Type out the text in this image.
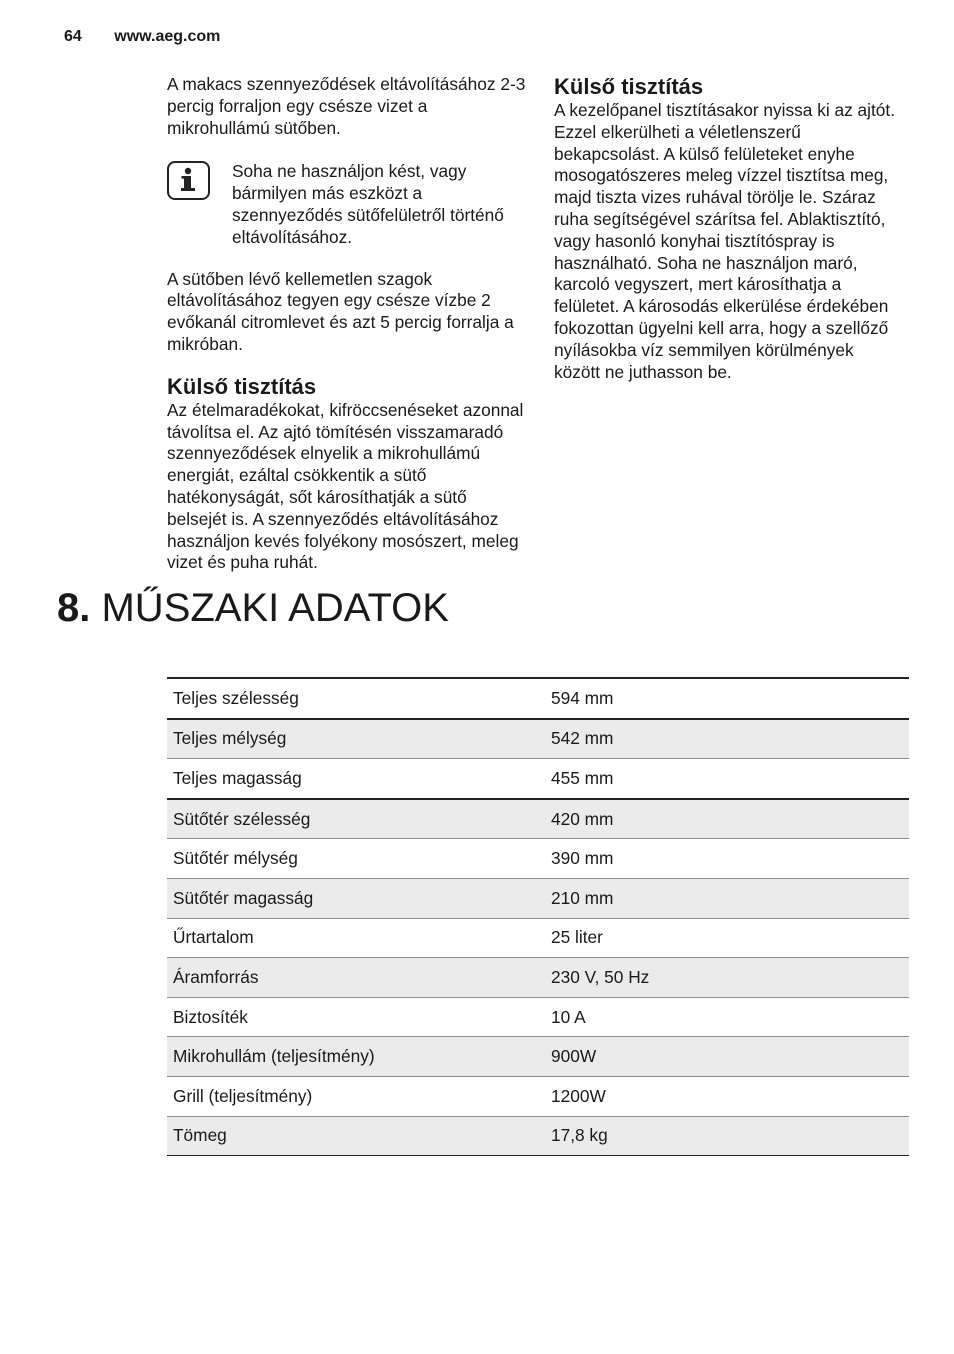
64 www.aeg.com

A makacs szennyeződések eltávolításához 2-3 percig forraljon egy csésze vizet a mikrohullámú sütőben.

Soha ne használjon kést, vagy bármilyen más eszközt a szennyeződés sütőfelületről történő eltávolításához.

A sütőben lévő kellemetlen szagok eltávolításához tegyen egy csésze vízbe 2 evőkanál citromlevet és azt 5 percig forralja a mikróban.

Külső tisztítás

Az ételmaradékokat, kifröccsenéseket azonnal távolítsa el. Az ajtó tömítésén visszamaradó szennyeződések elnyelik a mikrohullámú energiát, ezáltal csökkentik a sütő hatékonyságát, sőt károsíthatják a sütő belsejét is. A szennyeződés eltávolításához használjon kevés folyékony mosószert, meleg vizet és puha ruhát.

Külső tisztítás

A kezelőpanel tisztításakor nyissa ki az ajtót. Ezzel elkerülheti a véletlenszerű bekapcsolást. A külső felületeket enyhe mosogatószeres meleg vízzel tisztítsa meg, majd tiszta vizes ruhával törölje le. Száraz ruha segítségével szárítsa fel. Ablaktisztító, vagy hasonló konyhai tisztítóspray is használható. Soha ne használjon maró, karcoló vegyszert, mert károsíthatja a felületet. A károsodás elkerülése érdekében fokozottan ügyelni kell arra, hogy a szellőző nyílásokba víz semmilyen körülmények között ne juthasson be.

8. MŰSZAKI ADATOK
Teljes szélesség	594 mm
Teljes mélység	542 mm
Teljes magasság	455 mm
Sütőtér szélesség	420 mm
Sütőtér mélység	390 mm
Sütőtér magasság	210 mm
Űrtartalom	25 liter
Áramforrás	230 V, 50 Hz
Biztosíték	10 A
Mikrohullám (teljesítmény)	900W
Grill (teljesítmény)	1200W
Tömeg	17,8 kg
